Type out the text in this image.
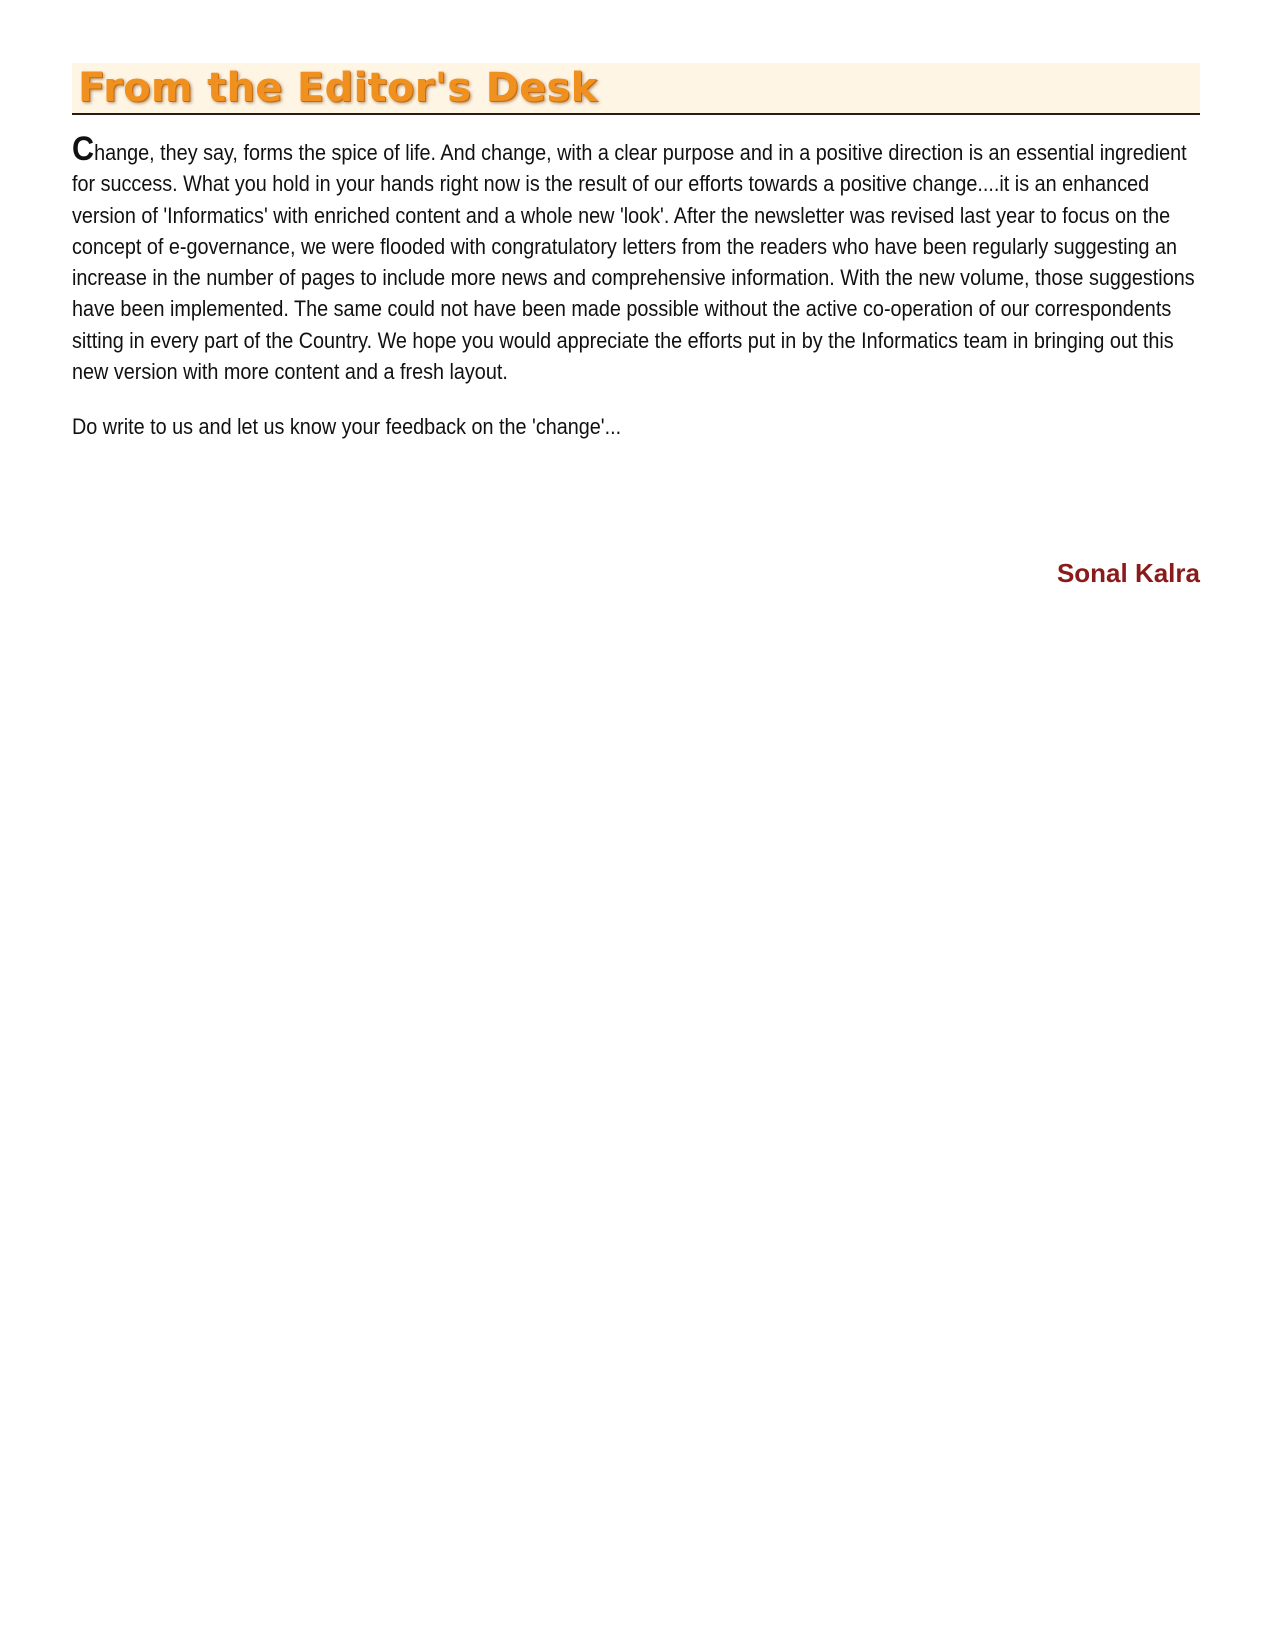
From the Editor's Desk

Change, they say, forms the spice of life. And change, with a clear purpose and in a positive direction is an essential ingredient for success. What you hold in your hands right now is the result of our efforts towards a positive change....it is an enhanced version of 'Informatics' with enriched content and a whole new 'look'. After the newsletter was revised last year to focus on the concept of e-governance, we were flooded with congratulatory letters from the readers who have been regularly suggesting an increase in the number of pages to include more news and comprehensive information. With the new volume, those suggestions have been implemented. The same could not have been made possible without the active co-operation of our correspondents sitting in every part of the Country. We hope you would appreciate the efforts put in by the Informatics team in bringing out this new version with more content and a fresh layout.

Do write to us and let us know your feedback on the 'change'...

Sonal Kalra
